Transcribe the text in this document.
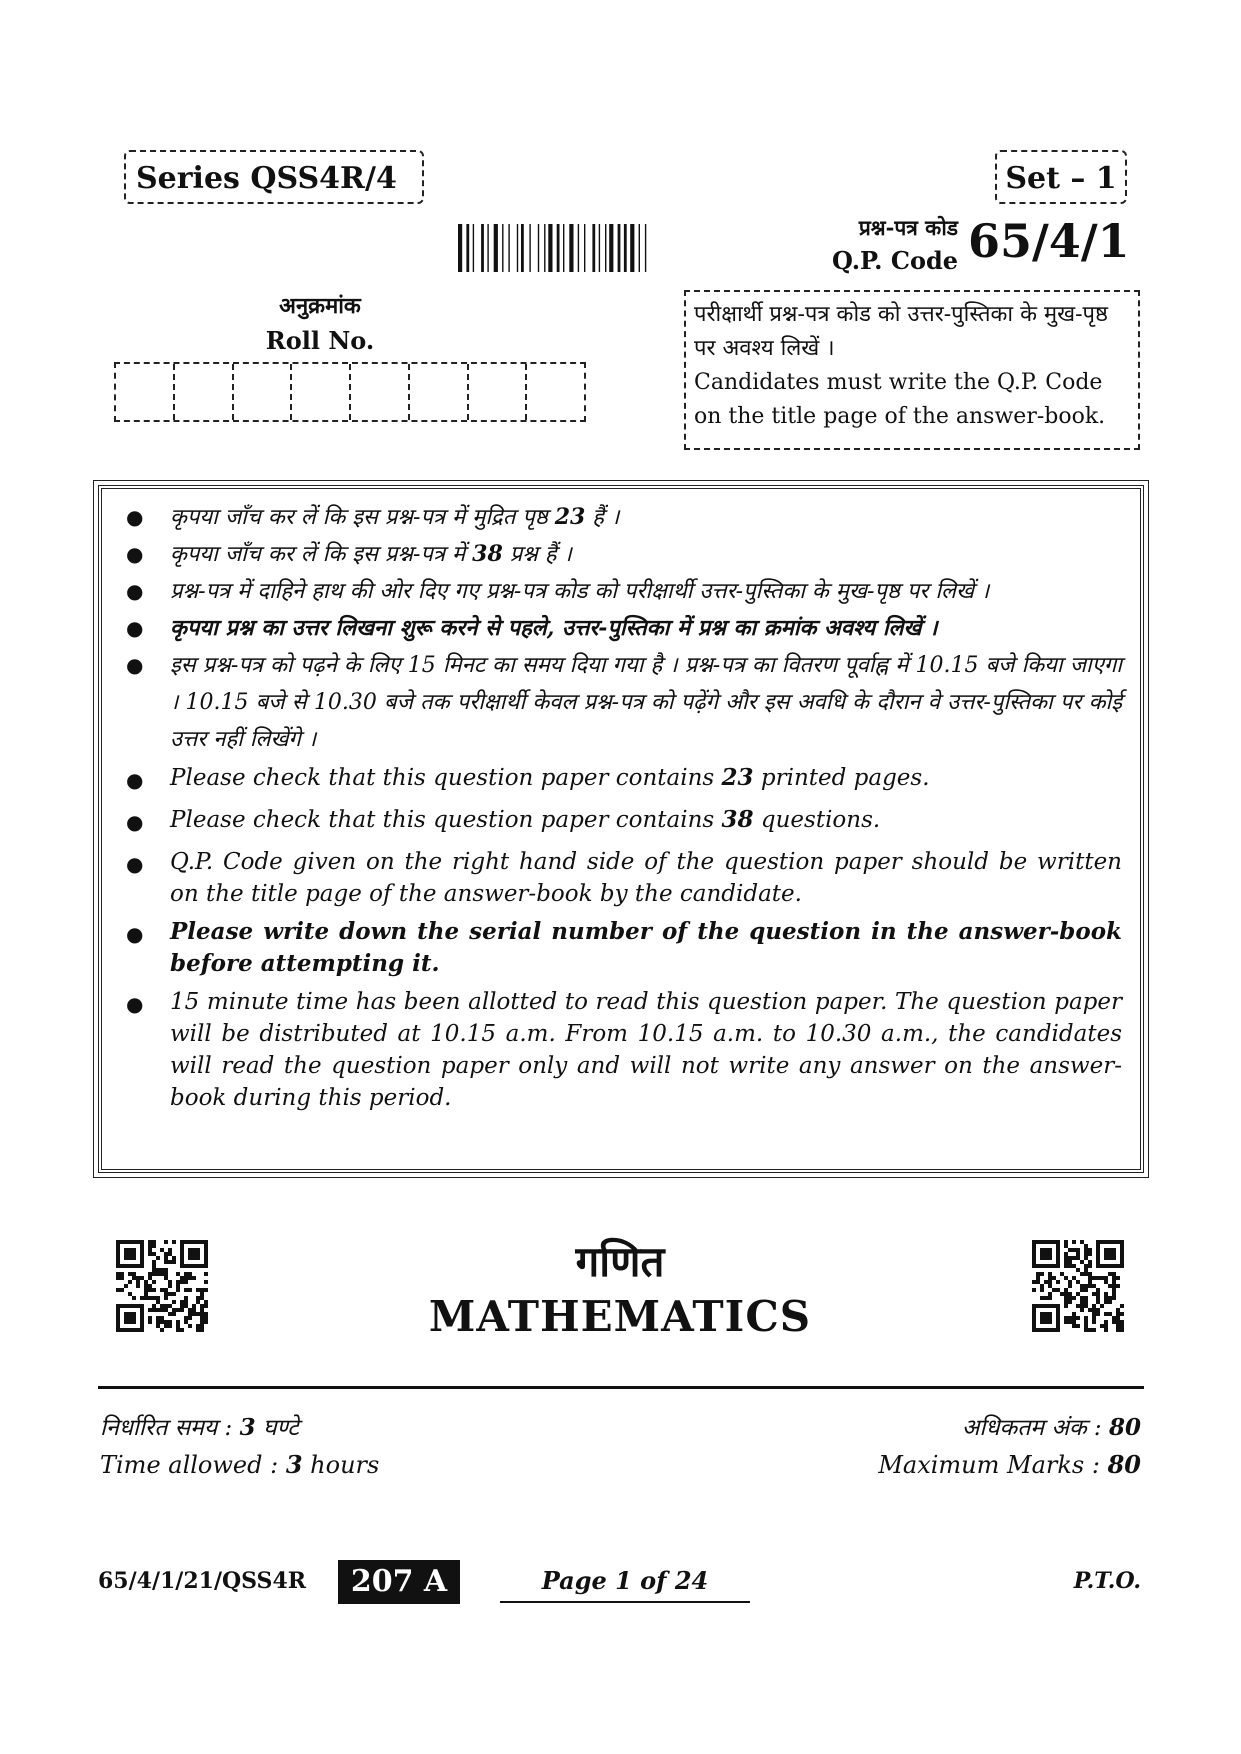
Series QSS4R/4	Set – 1
प्रश्न-पत्र कोड
Q.P. Code 65/4/1
अनुक्रमांक
Roll No.

परीक्षार्थी प्रश्न-पत्र कोड को उत्तर-पुस्तिका के मुख-पृष्ठ पर अवश्य लिखें ।

Candidates must write the Q.P. Code on the title page of the answer-book.

●	कृपया जाँच कर लें कि इस प्रश्न-पत्र में मुद्रित पृष्ठ 23 हैं ।
●	कृपया जाँच कर लें कि इस प्रश्न-पत्र में 38 प्रश्न हैं ।
●	प्रश्न-पत्र में दाहिने हाथ की ओर दिए गए प्रश्न-पत्र कोड को परीक्षार्थी उत्तर-पुस्तिका के मुख-पृष्ठ पर लिखें ।
●	कृपया प्रश्न का उत्तर लिखना शुरू करने से पहले, उत्तर-पुस्तिका में प्रश्न का क्रमांक अवश्य लिखें ।
●	इस प्रश्न-पत्र को पढ़ने के लिए 15 मिनट का समय दिया गया है । प्रश्न-पत्र का वितरण पूर्वाह्न में 10.15 बजे किया जाएगा । 10.15 बजे से 10.30 बजे तक परीक्षार्थी केवल प्रश्न-पत्र को पढ़ेंगे और इस अवधि के दौरान वे उत्तर-पुस्तिका पर कोई उत्तर नहीं लिखेंगे ।
●	Please check that this question paper contains 23 printed pages.
●	Please check that this question paper contains 38 questions.
●	Q.P. Code given on the right hand side of the question paper should be written on the title page of the answer-book by the candidate.
●	Please write down the serial number of the question in the answer-book before attempting it.
●	15 minute time has been allotted to read this question paper. The question paper will be distributed at 10.15 a.m. From 10.15 a.m. to 10.30 a.m., the candidates will read the question paper only and will not write any answer on the answer-book during this period.
गणित
MATHEMATICS
निर्धारित समय : 3 घण्टे
Time allowed : 3 hours
अधिकतम अंक : 80
Maximum Marks : 80
65/4/1/21/QSS4R	207 A	Page 1 of 24	P.T.O.
